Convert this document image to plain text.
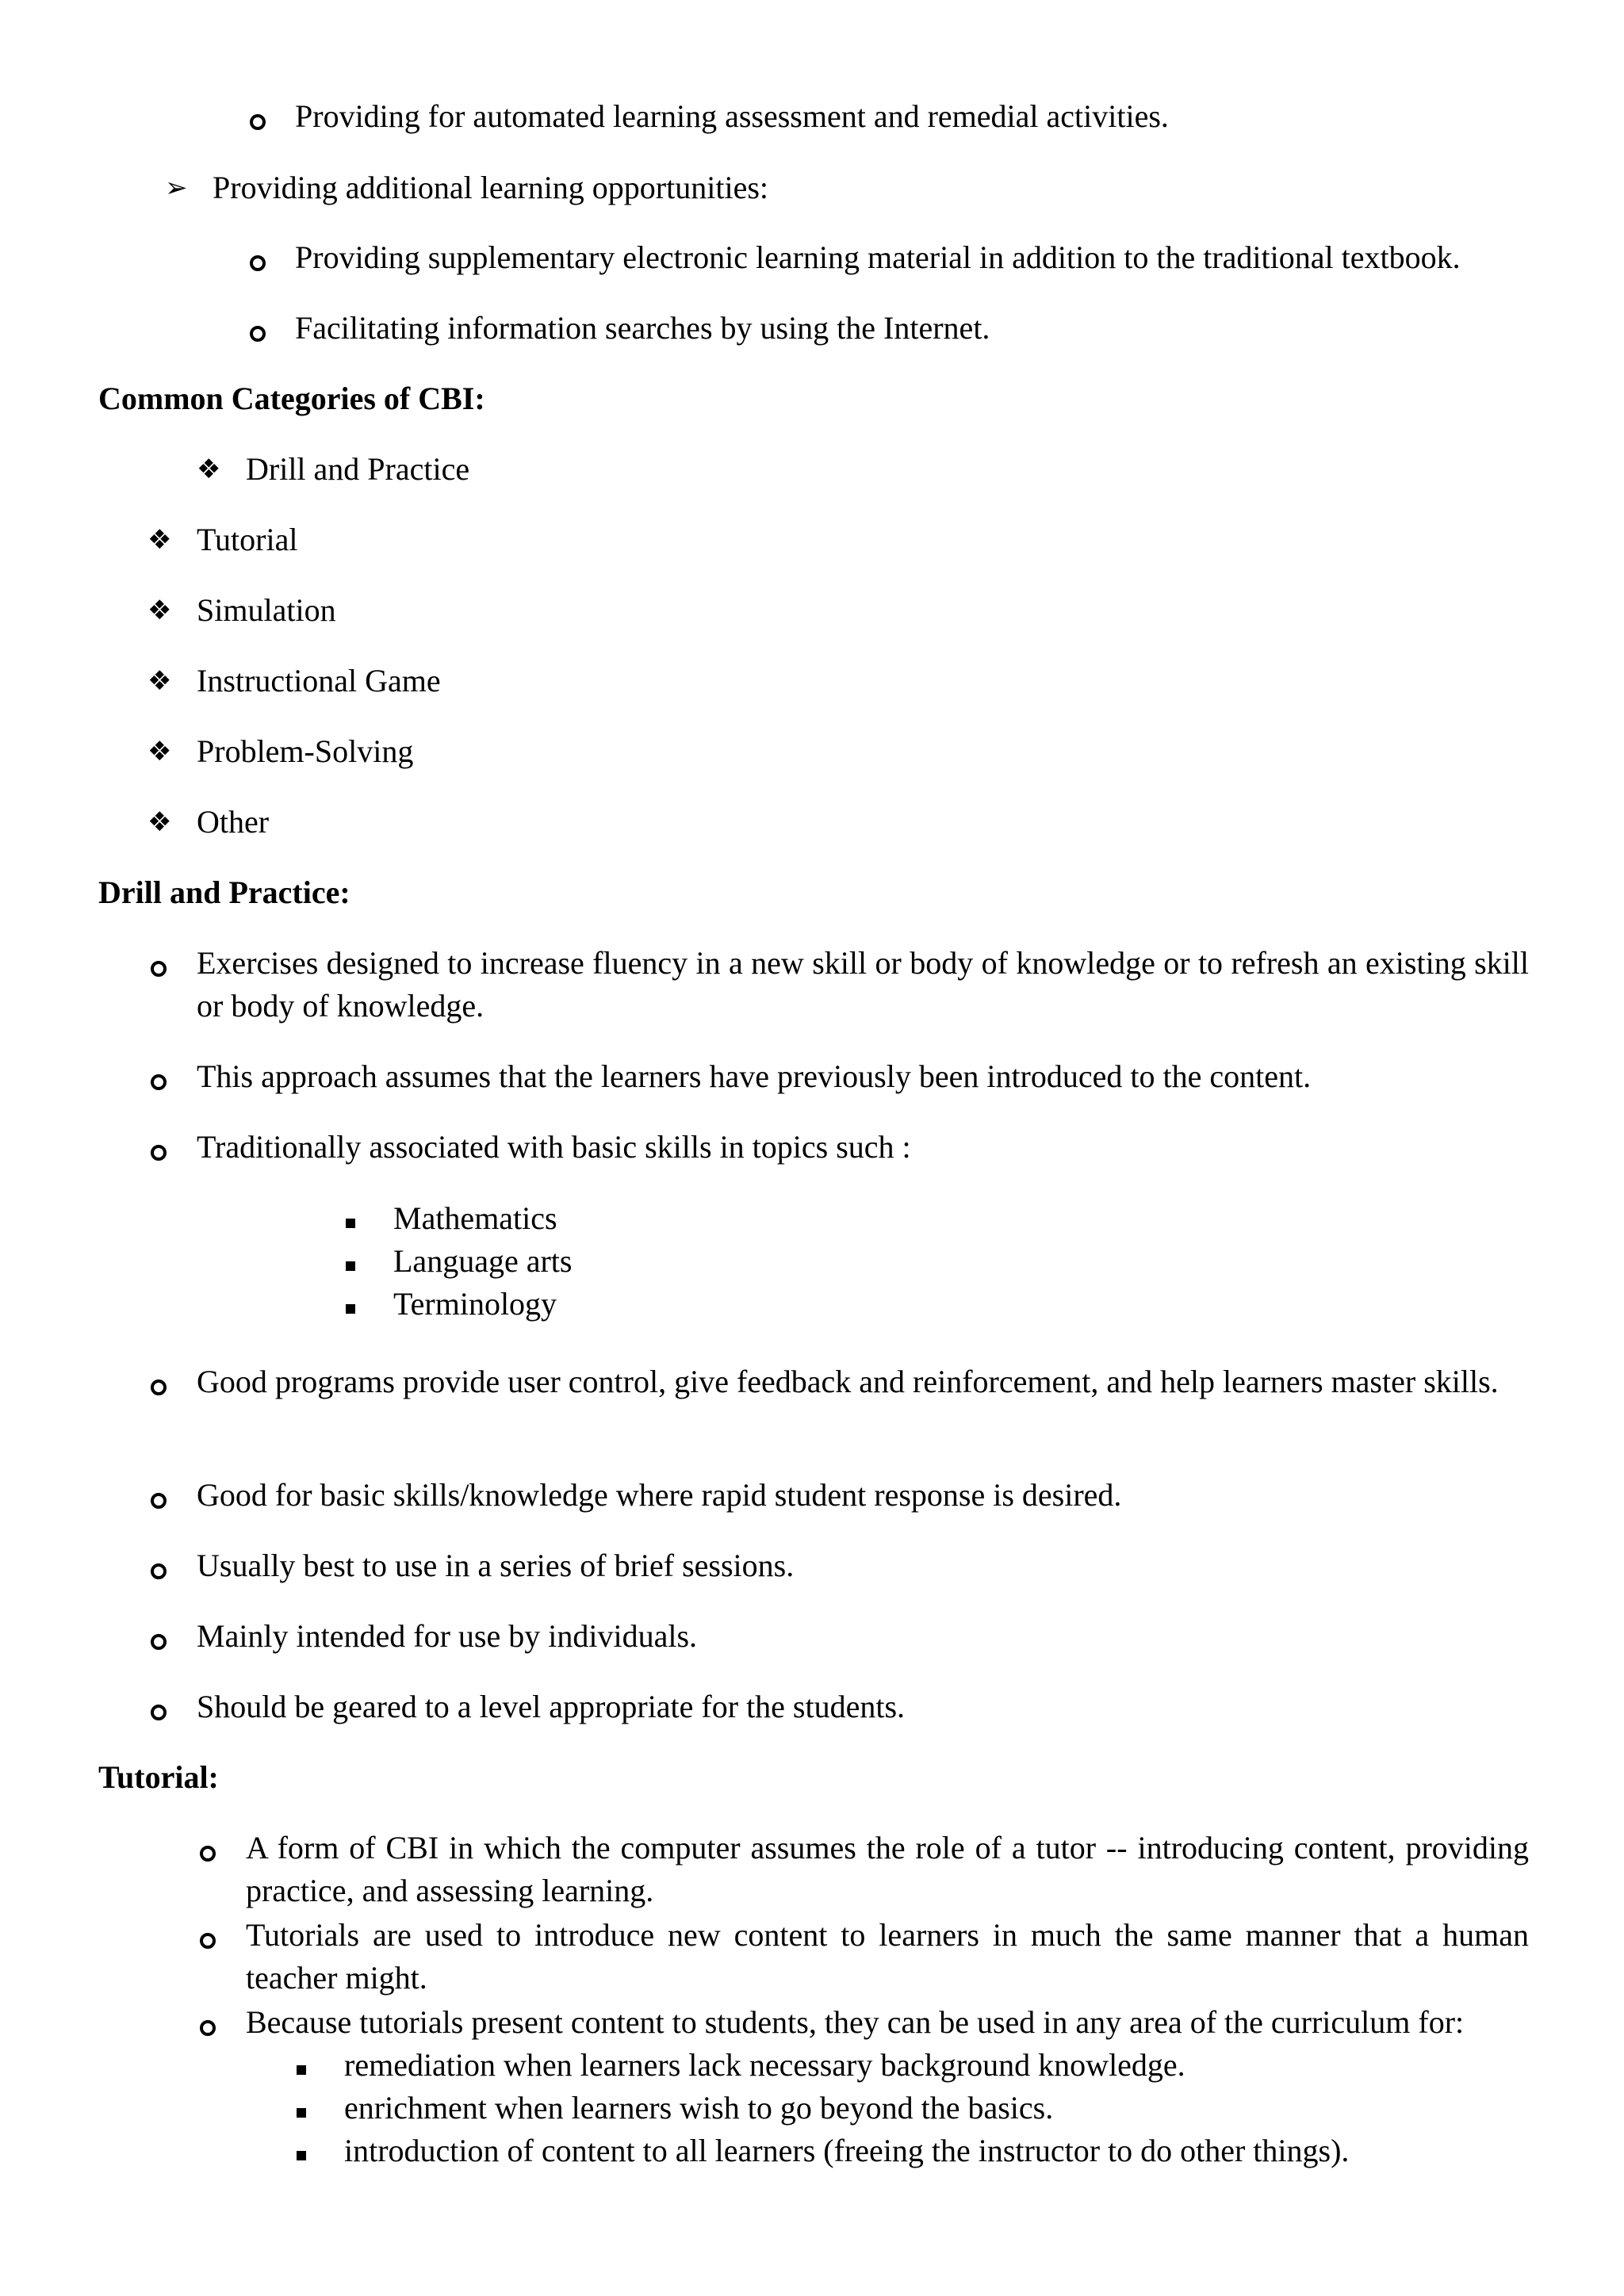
Providing for automated learning assessment and remedial activities.
➢ Providing additional learning opportunities:
Providing supplementary electronic learning material in addition to the traditional textbook.
Facilitating information searches by using the Internet.
Common Categories of CBI:
❖ Drill and Practice
❖ Tutorial
❖ Simulation
❖ Instructional Game
❖ Problem-Solving
❖ Other
Drill and Practice:
Exercises designed to increase fluency in a new skill or body of knowledge or to refresh an existing skill or body of knowledge.
This approach assumes that the learners have previously been introduced to the content.
Traditionally associated with basic skills in topics such :
Mathematics
Language arts
Terminology
Good programs provide user control, give feedback and reinforcement, and help learners master skills.
Good for basic skills/knowledge where rapid student response is desired.
Usually best to use in a series of brief sessions.
Mainly intended for use by individuals.
Should be geared to a level appropriate for the students.
Tutorial:
A form of CBI in which the computer assumes the role of a tutor -- introducing content, providing practice, and assessing learning.
Tutorials are used to introduce new content to learners in much the same manner that a human teacher might.
Because tutorials present content to students, they can be used in any area of the curriculum for:
remediation when learners lack necessary background knowledge.
enrichment when learners wish to go beyond the basics.
introduction of content to all learners (freeing the instructor to do other things).
